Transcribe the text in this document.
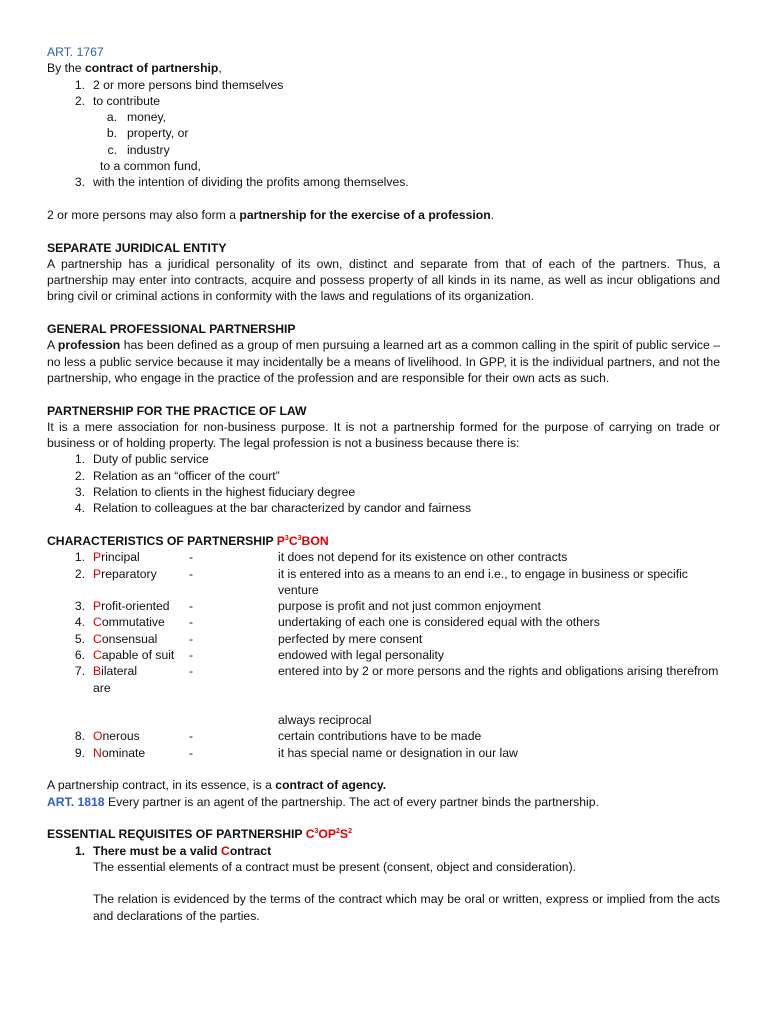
ART. 1767
By the contract of partnership,
1. 2 or more persons bind themselves
2. to contribute
a. money,
b. property, or
c. industry
to a common fund,
3. with the intention of dividing the profits among themselves.
2 or more persons may also form a partnership for the exercise of a profession.
SEPARATE JURIDICAL ENTITY
A partnership has a juridical personality of its own, distinct and separate from that of each of the partners. Thus, a partnership may enter into contracts, acquire and possess property of all kinds in its name, as well as incur obligations and bring civil or criminal actions in conformity with the laws and regulations of its organization.
GENERAL PROFESSIONAL PARTNERSHIP
A profession has been defined as a group of men pursuing a learned art as a common calling in the spirit of public service – no less a public service because it may incidentally be a means of livelihood. In GPP, it is the individual partners, and not the partnership, who engage in the practice of the profession and are responsible for their own acts as such.
PARTNERSHIP FOR THE PRACTICE OF LAW
It is a mere association for non-business purpose. It is not a partnership formed for the purpose of carrying on trade or business or of holding property. The legal profession is not a business because there is:
1. Duty of public service
2. Relation as an “officer of the court”
3. Relation to clients in the highest fiduciary degree
4. Relation to colleagues at the bar characterized by candor and fairness
CHARACTERISTICS OF PARTNERSHIP $P^3C^3BON$
1. Principal	-	it does not depend for its existence on other contracts
2. Preparatory	-	it is entered into as a means to an end i.e., to engage in business or specific venture
3. Profit-oriented	-	purpose is profit and not just common enjoyment
4. Commutative	-	undertaking of each one is considered equal with the others
5. Consensual	-	perfected by mere consent
6. Capable of suit	-	endowed with legal personality
7. Bilateral	-	entered into by 2 or more persons and the rights and obligations arising therefrom
are
always reciprocal
8. Onerous	-	certain contributions have to be made
9. Nominate	-	it has special name or designation in our law
A partnership contract, in its essence, is a contract of agency.
ART. 1818 Every partner is an agent of the partnership. The act of every partner binds the partnership.
ESSENTIAL REQUISITES OF PARTNERSHIP $C^3OP^2S^2$
1. There must be a valid Contract
The essential elements of a contract must be present (consent, object and consideration).
The relation is evidenced by the terms of the contract which may be oral or written, express or implied from the acts and declarations of the parties.
